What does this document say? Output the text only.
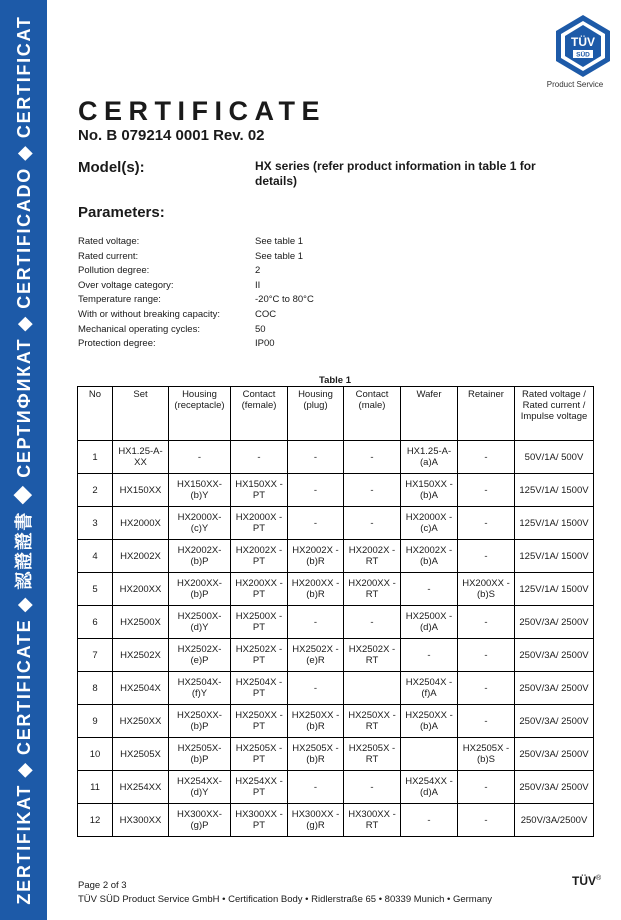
ZERTIFIKAT ◆ CERTIFICATE ◆ 認證證書 ◆ СЕРТИФИКАТ ◆ CERTIFICADO ◆ CERTIFICAT	TÜV
SÜD
Product Service
CERTIFICATE
No. B 079214 0001 Rev. 02
Model(s):	HX series (refer product information in table 1 for details)
Parameters:
Rated voltage:	See table 1
Rated current:	See table 1
Pollution degree:	2
Over voltage category:	II
Temperature range:	-20°C to 80°C
With or without breaking capacity:	COC
Mechanical operating cycles:	50
Protection degree:	IP00
Table 1
No	Set	Housing (receptacle)	Contact (female)	Housing (plug)	Contact (male)	Wafer	Retainer	Rated voltage / Rated current / Impulse voltage
1	HX1.25-A-XX	-	-	-	-	HX1.25-A-(a)A	-	50V/1A/ 500V
2	HX150XX	HX150XX-(b)Y	HX150XX -PT	-	-	HX150XX -(b)A	-	125V/1A/ 1500V
3	HX2000X	HX2000X-(c)Y	HX2000X -PT	-	-	HX2000X -(c)A	-	125V/1A/ 1500V
4	HX2002X	HX2002X-(b)P	HX2002X -PT	HX2002X -(b)R	HX2002X -RT	HX2002X -(b)A	-	125V/1A/ 1500V
5	HX200XX	HX200XX-(b)P	HX200XX -PT	HX200XX -(b)R	HX200XX -RT	-	HX200XX -(b)S	125V/1A/ 1500V
6	HX2500X	HX2500X-(d)Y	HX2500X -PT	-	-	HX2500X -(d)A	-	250V/3A/ 2500V
7	HX2502X	HX2502X-(e)P	HX2502X -PT	HX2502X -(e)R	HX2502X -RT	-	-	250V/3A/ 2500V
8	HX2504X	HX2504X-(f)Y	HX2504X -PT	-		HX2504X -(f)A	-	250V/3A/ 2500V
9	HX250XX	HX250XX-(b)P	HX250XX -PT	HX250XX -(b)R	HX250XX -RT	HX250XX -(b)A	-	250V/3A/ 2500V
10	HX2505X	HX2505X-(b)P	HX2505X -PT	HX2505X -(b)R	HX2505X -RT		HX2505X -(b)S	250V/3A/ 2500V
11	HX254XX	HX254XX-(d)Y	HX254XX -PT	-	-	HX254XX -(d)A	-	250V/3A/ 2500V
12	HX300XX	HX300XX-(g)P	HX300XX -PT	HX300XX -(g)R	HX300XX -RT	-	-	250V/3A/2500V
Page 2 of 3
TÜV SÜD Product Service GmbH • Certification Body • Ridlerstraße 65 • 80339 Munich • Germany
TÜV®
